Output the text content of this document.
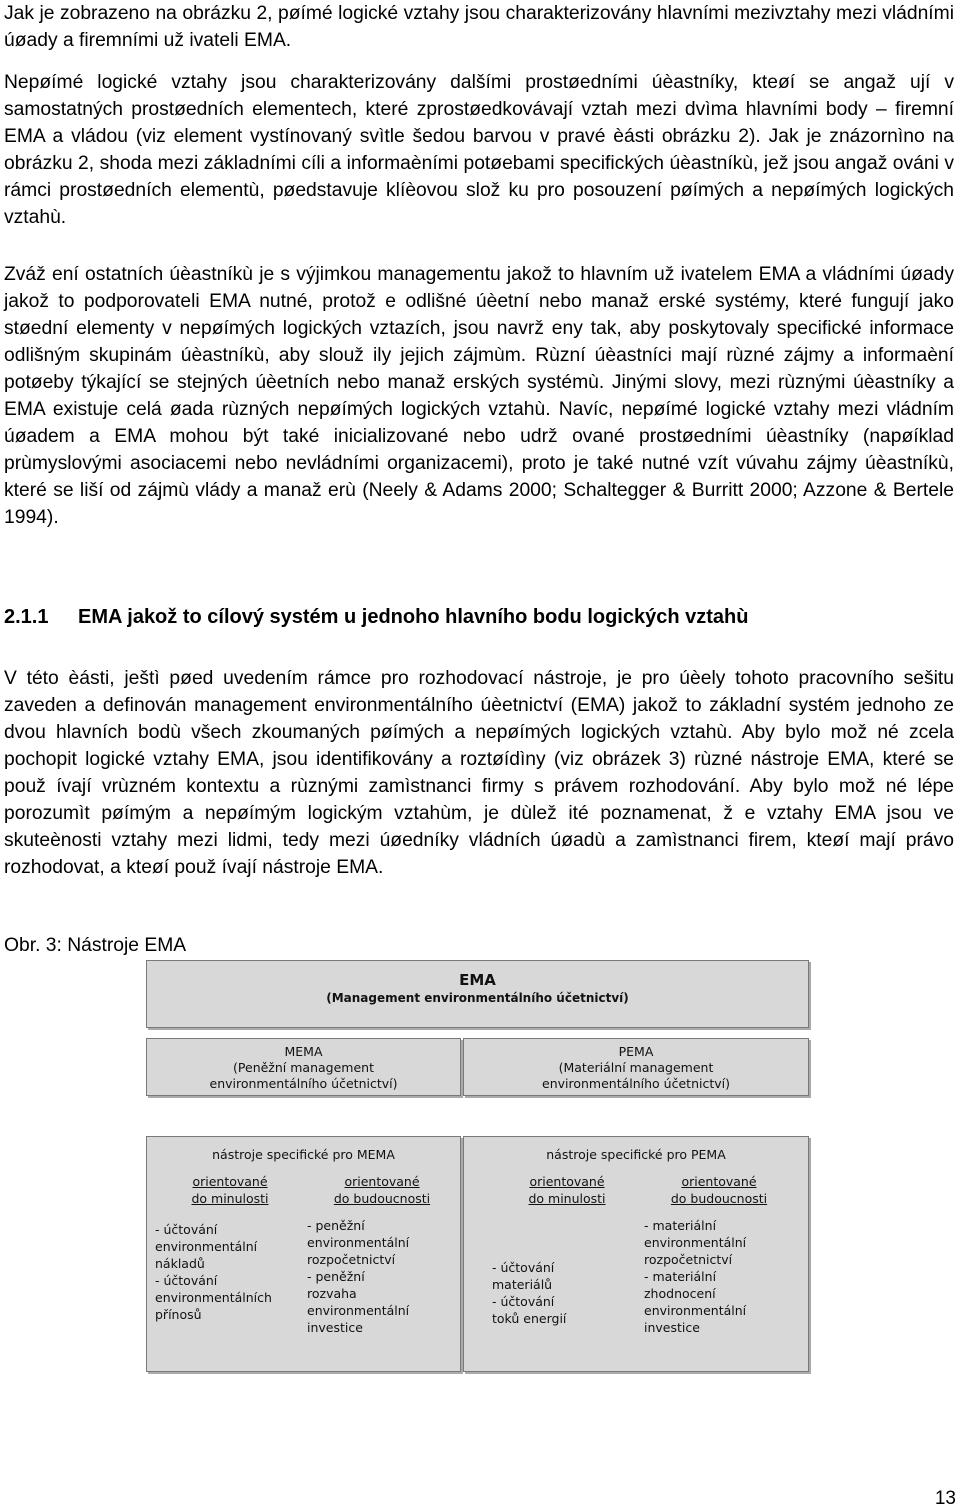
Jak je zobrazeno na obrázku 2, pøímé logické vztahy jsou charakterizovány hlavními mezivztahy mezi vládními úøady a firemními už ivateli EMA.

Nepøímé logické vztahy jsou charakterizovány dalšími prostøedními úèastníky, kteøí se angaž ují v samostatných prostøedních elementech, které zprostøedkovávají vztah mezi dvìma hlavními body – firemní EMA a vládou (viz element vystínovaný svìtle šedou barvou v pravé èásti obrázku 2). Jak je znázornìno na obrázku 2, shoda mezi základními cíli a informaèními potøebami specifických úèastníkù, jež jsou angaž ováni v rámci prostøedních elementù, pøedstavuje klíèovou slož ku pro posouzení pøímých a nepøímých logických vztahù.

Zváž ení ostatních úèastníkù je s výjimkou managementu jakož to hlavním už ivatelem EMA a vládními úøady jakož to podporovateli EMA nutné, protož e odlišné úèetní nebo manaž erské systémy, které fungují jako støední elementy v nepøímých logických vztazích, jsou navrž eny tak, aby poskytovaly specifické informace odlišným skupinám úèastníkù, aby slouž ily jejich zájmùm. Rùzní úèastníci mají rùzné zájmy a informaèní potøeby týkající se stejných úèetních nebo manaž erských systémù. Jinými slovy, mezi rùznými úèastníky a EMA existuje celá øada rùzných nepøímých logických vztahù. Navíc, nepøímé logické vztahy mezi vládním úøadem a EMA mohou být také inicializované nebo udrž ované prostøedními úèastníky (napøíklad prùmyslovými asociacemi nebo nevládními organizacemi), proto je také nutné vzít vúvahu zájmy úèastníkù, které se liší od zájmù vlády a manaž erù (Neely & Adams 2000; Schaltegger & Burritt 2000; Azzone & Bertele 1994).

2.1.1 EMA jakož to cílový systém u jednoho hlavního bodu logických vztahù

V této èásti, ještì pøed uvedením rámce pro rozhodovací nástroje, je pro úèely tohoto pracovního sešitu zaveden a definován management environmentálního úèetnictví (EMA) jakož to základní systém jednoho ze dvou hlavních bodù všech zkoumaných pøímých a nepøímých logických vztahù. Aby bylo mož né zcela pochopit logické vztahy EMA, jsou identifikovány a roztøídìny (viz obrázek 3) rùzné nástroje EMA, které se použ ívají vrùzném kontextu a rùznými zamìstnanci firmy s právem rozhodování. Aby bylo mož né lépe porozumìt pøímým a nepøímým logickým vztahùm, je dùlež ité poznamenat, ž e vztahy EMA jsou ve skuteènosti vztahy mezi lidmi, tedy mezi úøedníky vládních úøadù a zamìstnanci firem, kteøí mají právo rozhodovat, a kteøí použ ívají nástroje EMA.

Obr. 3: Nástroje EMA
EMA
(Management environmentálního účetnictví)
MEMA
(Peněžní management
environmentálního účetnictví)
PEMA
(Materiální management
environmentálního účetnictví)
nástroje specifické pro MEMA
orientované
do minulosti
- účtování
environmentální
nákladů
- účtování
environmentálních
přínosů
orientované
do budoucnosti
- peněžní
environmentální
rozpočetnictví
- peněžní
rozvaha
environmentální
investice
nástroje specifické pro PEMA
orientované
do minulosti
- účtování
materiálů
- účtování
toků energií
orientované
do budoucnosti
- materiální
environmentální
rozpočetnictví
- materiální
zhodnocení
environmentální
investice
13
